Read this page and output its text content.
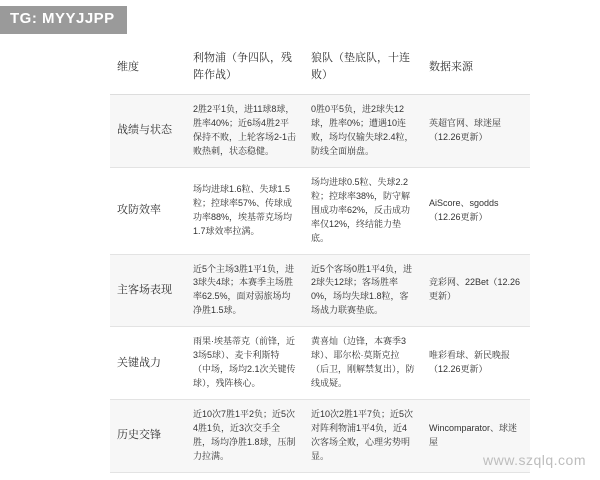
TG: MYYJJPP
维度	利物浦（争四队，残阵作战）	狼队（垫底队，十连败）	数据来源
战绩与状态	2胜2平1负，进11球8球，胜率40%；近6场4胜2平保持不败，上轮客场2-1击败热刺，状态稳健。	0胜0平5负，进2球失12球，胜率0%；遭遇10连败，场均仅输失球2.4粒，防线全面崩盘。	英超官网、球迷屋（12.26更新）
攻防效率	场均进球1.6粒、失球1.5粒；控球率57%、传球成功率88%，埃基蒂克场均1.7球效率拉满。	场均进球0.5粒、失球2.2粒；控球率38%，防守解围成功率62%，反击成功率仅12%，终结能力垫底。	AiScore、sgodds（12.26更新）
主客场表现	近5个主场3胜1平1负，进3球失4球；本赛季主场胜率62.5%，面对弱旅场均净胜1.5球。	近5个客场0胜1平4负，进2球失12球；客场胜率0%，场均失球1.8粒，客场战力联赛垫底。	竞彩网、22Bet（12.26更新）
关键战力	雨果·埃基蒂克（前锋，近3场5球）、麦卡利斯特（中场，场均2.1次关键传球），残阵核心。	黄喜灿（边锋，本赛季3球）、耶尔松·莫斯克拉（后卫，刚解禁复出），防线成疑。	唯彩看球、新民晚报（12.26更新）
历史交锋	近10次7胜1平2负；近5次4胜1负，近3次交手全胜，场均净胜1.8球，压制力拉满。	近10次2胜1平7负；近5次对阵利物浦1平4负，近4次客场全败，心理劣势明显。	Wincomparator、球迷屋
www.szqlq.com
